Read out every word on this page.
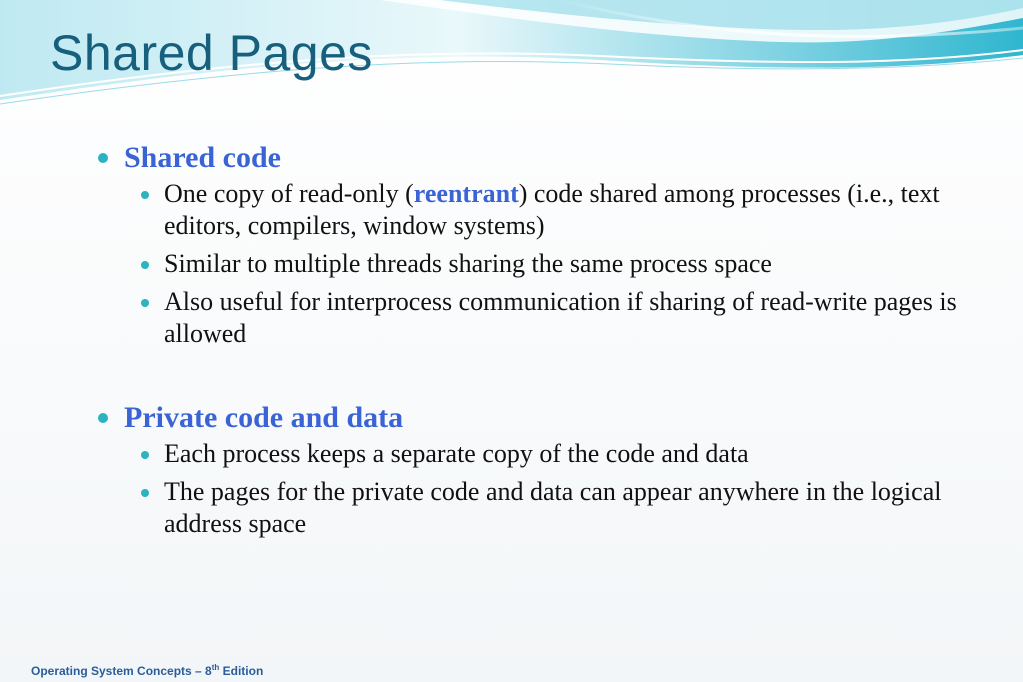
Shared Pages
Shared code
One copy of read-only (reentrant) code shared among processes (i.e., text editors, compilers, window systems)
Similar to multiple threads sharing the same process space
Also useful for interprocess communication if sharing of read-write pages is allowed
Private code and data
Each process keeps a separate copy of the code and data
The pages for the private code and data can appear anywhere in the logical address space
Operating System Concepts – 8th Edition
